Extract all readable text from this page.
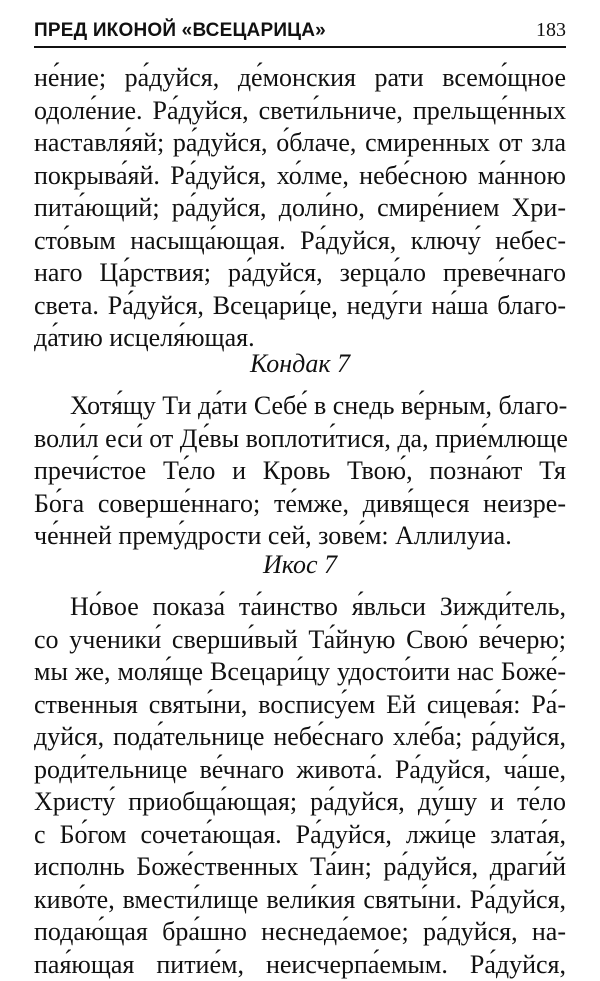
ПРЕД ИКОНОЙ «ВСЕЦАРИЦА»	183
не́ние; ра́дуйся, де́монския рати всемо́щное
одоле́ние. Ра́дуйся, свети́льниче, прельще́нных
наставля́яй; ра́дуйся, о́блаче, смиренных от зла
покрыва́яй. Ра́дуйся, хо́лме, небе́сною ма́нною
пита́ющий; ра́дуйся, доли́но, смире́нием Хри-
сто́вым насыща́ющая. Ра́дуйся, ключу́ небес-
наго Ца́рствия; ра́дуйся, зерца́ло преве́чнаго
света. Ра́дуйся, Всецари́це, неду́ги на́ша благо-
да́тию исцеля́ющая.
Кондак 7
Хотя́щу Ти да́ти Себе́ в снедь ве́рным, благо-
воли́л еси́ от Де́вы воплоти́тися, да, прие́млюще
пречи́стое Те́ло и Кровь Твою́, позна́ют Тя
Бо́га соверше́ннаго; те́мже, дивя́щеся неизре-
че́нней прему́дрости сей, зове́м: Аллилуиа.
Икос 7
Но́вое показа́ та́инство я́вльси Зижди́тель,
со ученики́ сверши́вый Та́йную Свою́ ве́черю;
мы же, моля́ще Всецари́цу удосто́ити нас Боже́-
ственныя святы́ни, воспису́ем Ей сицева́я: Ра́-
дуйся, пода́тельнице небе́снаго хле́ба; ра́дуйся,
роди́тельнице ве́чнаго живота́. Ра́дуйся, ча́ше,
Христу́ приобща́ющая; ра́дуйся, ду́шу и те́ло
с Бо́гом сочета́ющая. Ра́дуйся, лжи́це злата́я,
исполнь Боже́ственных Та́ин; ра́дуйся, драги́й
киво́те, вмести́лище вели́кия святы́ни. Ра́дуйся,
подаю́щая бра́шно неснеда́емое; ра́дуйся, на-
пая́ющая питие́м, неисчерпа́емым. Ра́дуйся,
